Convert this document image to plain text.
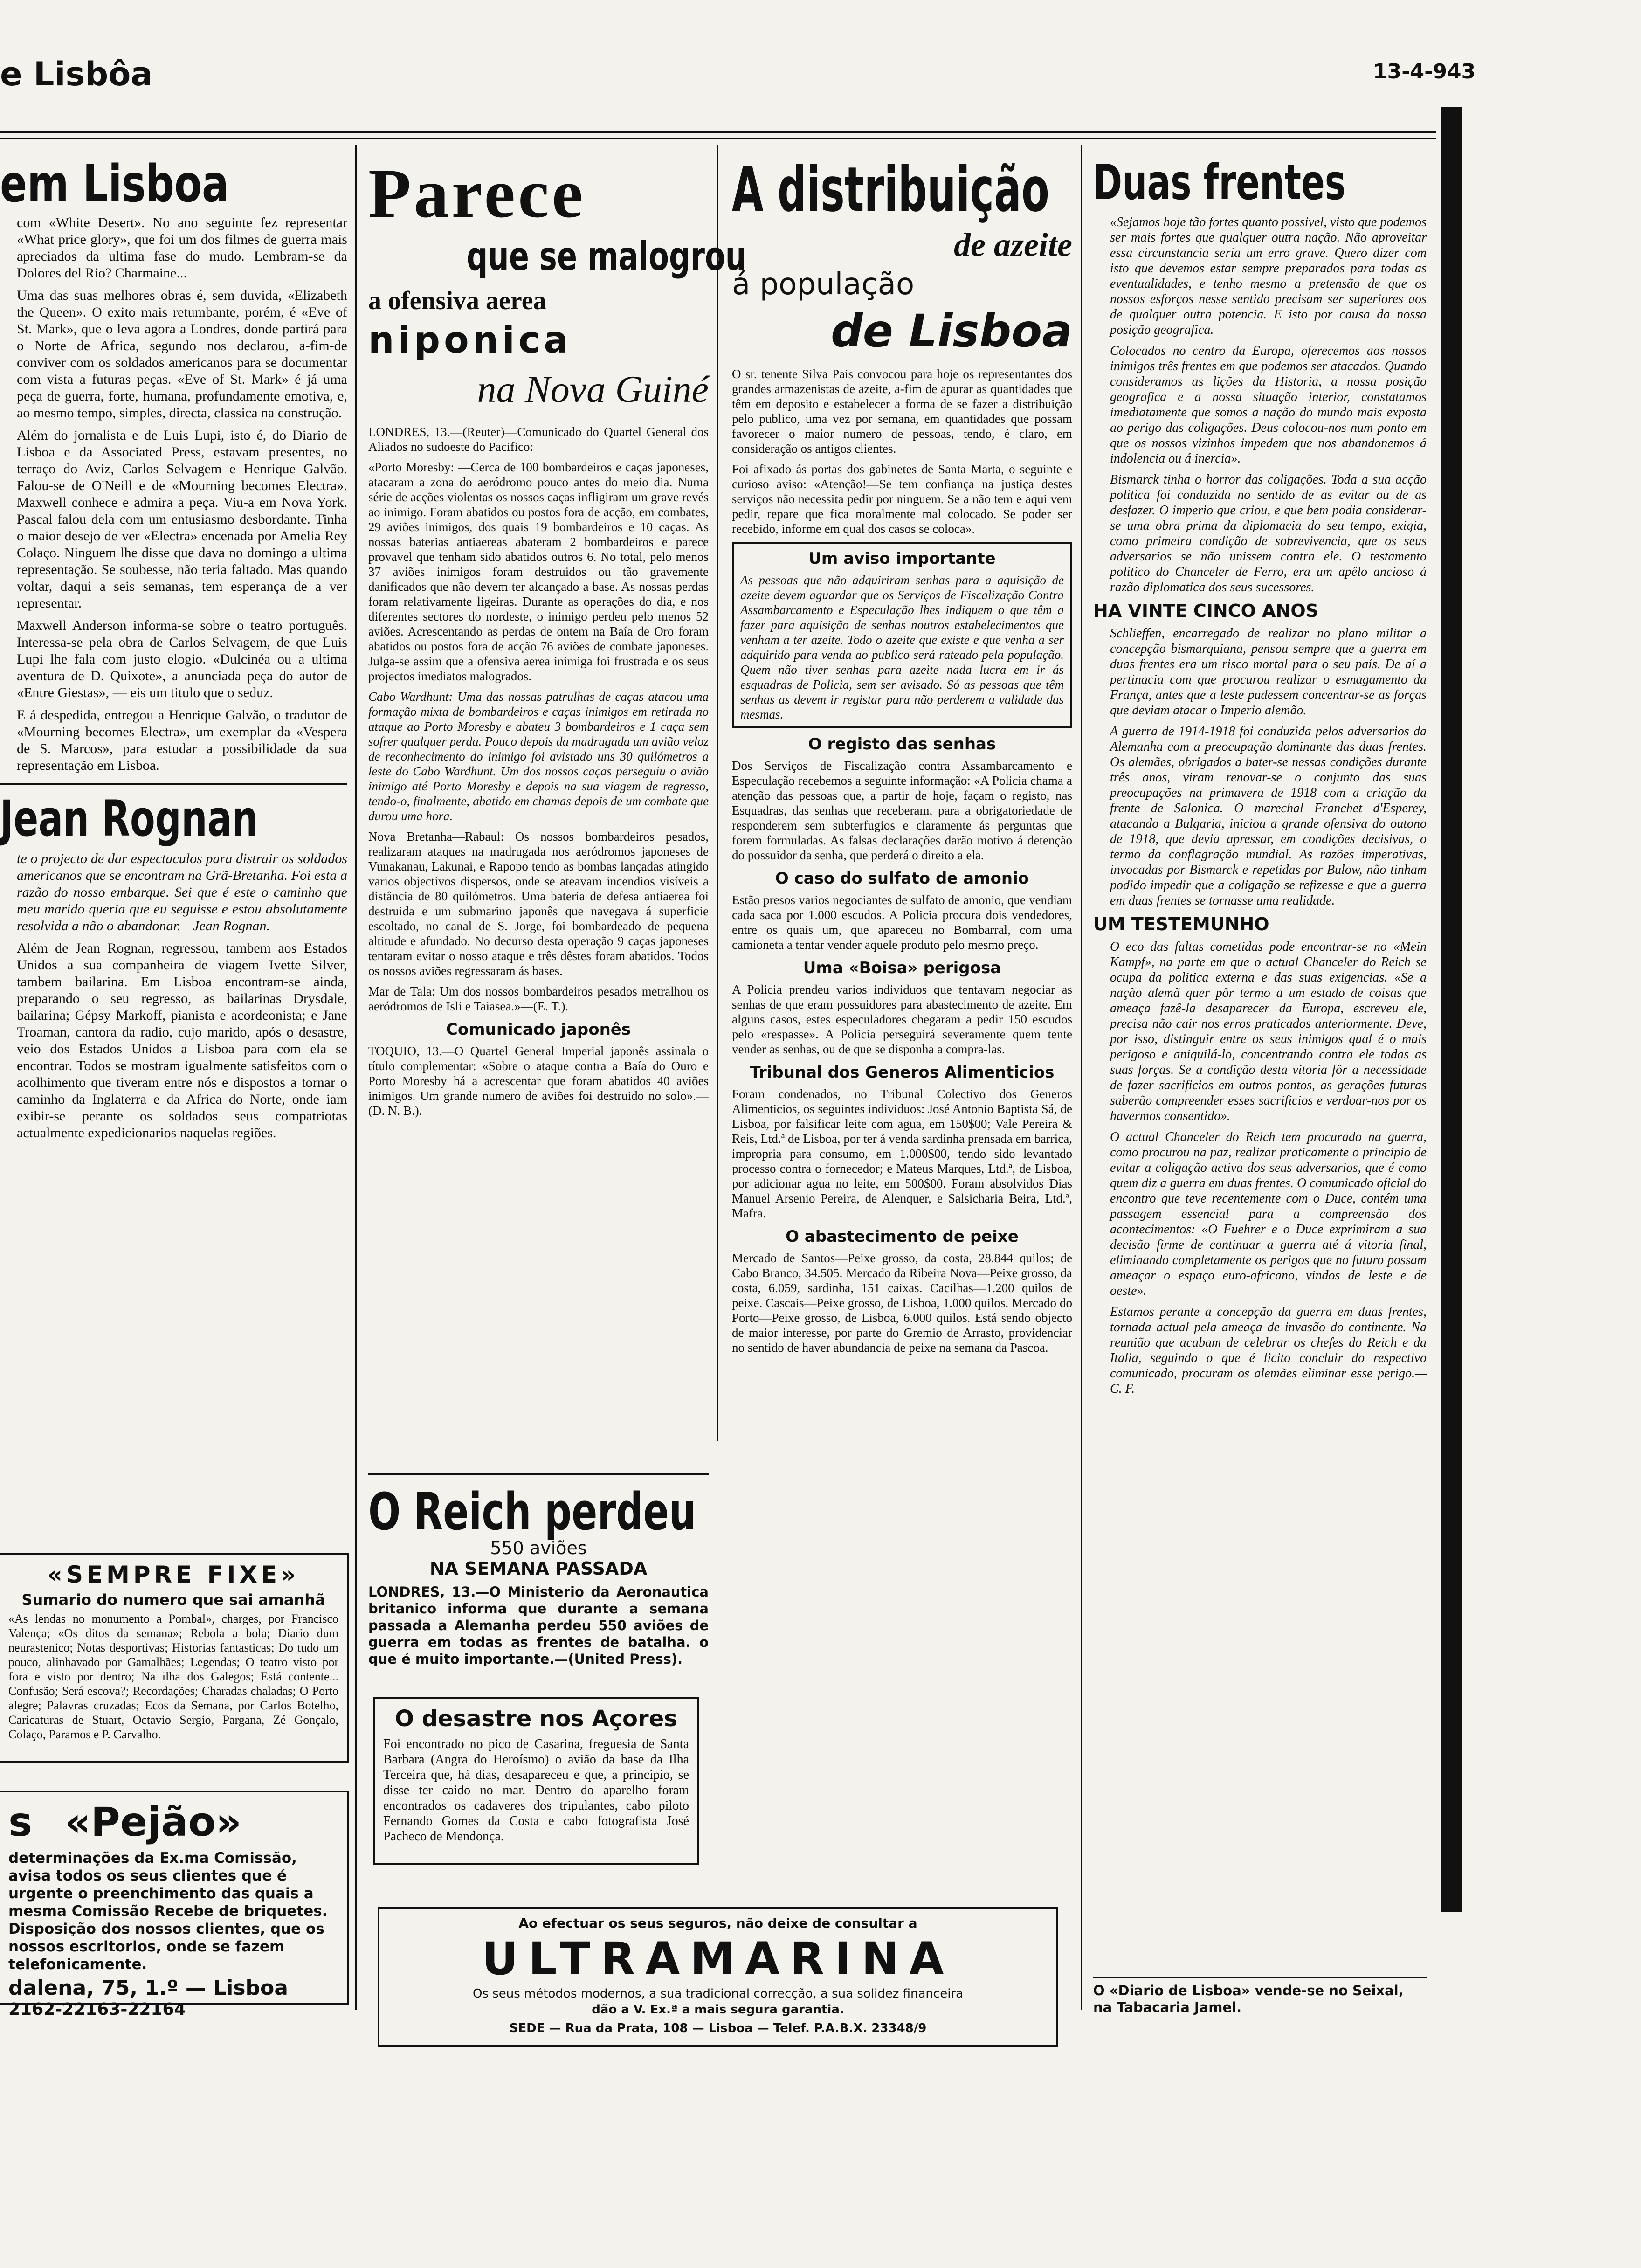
e Lisbôa	13-4-943
em Lisboa

com «White Desert». No ano seguinte fez representar «What price glory», que foi um dos filmes de guerra mais apreciados da ultima fase do mudo. Lembram-se da Dolores del Rio? Charmaine...

Uma das suas melhores obras é, sem duvida, «Elizabeth the Queen». O exito mais retumbante, porém, é «Eve of St. Mark», que o leva agora a Londres, donde partirá para o Norte de Africa, segundo nos declarou, a-fim-de conviver com os soldados americanos para se documentar com vista a futuras peças. «Eve of St. Mark» é já uma peça de guerra, forte, humana, profundamente emotiva, e, ao mesmo tempo, simples, directa, classica na construção.

Além do jornalista e de Luis Lupi, isto é, do Diario de Lisboa e da Associated Press, estavam presentes, no terraço do Aviz, Carlos Selvagem e Henrique Galvão. Falou-se de O'Neill e de «Mourning becomes Electra». Maxwell conhece e admira a peça. Viu-a em Nova York. Pascal falou dela com um entusiasmo desbordante. Tinha o maior desejo de ver «Electra» encenada por Amelia Rey Colaço. Ninguem lhe disse que dava no domingo a ultima representação. Se soubesse, não teria faltado. Mas quando voltar, daqui a seis semanas, tem esperança de a ver representar.

Maxwell Anderson informa-se sobre o teatro português. Interessa-se pela obra de Carlos Selvagem, de que Luis Lupi lhe fala com justo elogio. «Dulcinéa ou a ultima aventura de D. Quixote», a anunciada peça do autor de «Entre Giestas», — eis um titulo que o seduz.

E á despedida, entregou a Henrique Galvão, o tradutor de «Mourning becomes Electra», um exemplar da «Vespera de S. Marcos», para estudar a possibilidade da sua representação em Lisboa.

Jean Rognan

te o projecto de dar espectaculos para distrair os soldados americanos que se encontram na Grã-Bretanha. Foi esta a razão do nosso embarque. Sei que é este o caminho que meu marido queria que eu seguisse e estou absolutamente resolvida a não o abandonar.—Jean Rognan.

Além de Jean Rognan, regressou, tambem aos Estados Unidos a sua companheira de viagem Ivette Silver, tambem bailarina. Em Lisboa encontram-se ainda, preparando o seu regresso, as bailarinas Drysdale, bailarina; Gépsy Markoff, pianista e acordeonista; e Jane Troaman, cantora da radio, cujo marido, após o desastre, veio dos Estados Unidos a Lisboa para com ela se encontrar. Todos se mostram igualmente satisfeitos com o acolhimento que tiveram entre nós e dispostos a tornar o caminho da Inglaterra e da Africa do Norte, onde iam exibir-se perante os soldados seus compatriotas actualmente expedicionarios naquelas regiões.

«SEMPRE FIXE»
Sumario do numero que sai amanhã
«As lendas no monumento a Pombal», charges, por Francisco Valença; «Os ditos da semana»; Rebola a bola; Diario dum neurastenico; Notas desportivas; Historias fantasticas; Do tudo um pouco, alinhavado por Gamalhães; Legendas; O teatro visto por fora e visto por dentro; Na ilha dos Galegos; Está contente... Confusão; Será escova?; Recordações; Charadas chaladas; O Porto alegre; Palavras cruzadas; Ecos da Semana, por Carlos Botelho, Caricaturas de Stuart, Octavio Sergio, Pargana, Zé Gonçalo, Colaço, Paramos e P. Carvalho.
s «Pejão»
determinações da Ex.ma Comissão, avisa todos os seus clientes que é urgente o preenchimento das quais a mesma Comissão Recebe de briquetes. Disposição dos nossos clientes, que os nossos escritorios, onde se fazem telefonicamente.
dalena, 75, 1.º — Lisboa
2162-22163-22164
Parece
que se malogrou
a ofensiva aerea
niponica
na Nova Guiné

LONDRES, 13.—(Reuter)—Comunicado do Quartel General dos Aliados no sudoeste do Pacifico:

«Porto Moresby: —Cerca de 100 bombardeiros e caças japoneses, atacaram a zona do aeródromo pouco antes do meio dia. Numa série de acções violentas os nossos caças infligiram um grave revés ao inimigo. Foram abatidos ou postos fora de acção, em combates, 29 aviões inimigos, dos quais 19 bombardeiros e 10 caças. As nossas baterias antiaereas abateram 2 bombardeiros e parece provavel que tenham sido abatidos outros 6. No total, pelo menos 37 aviões inimigos foram destruidos ou tão gravemente danificados que não devem ter alcançado a base. As nossas perdas foram relativamente ligeiras. Durante as operações do dia, e nos diferentes sectores do nordeste, o inimigo perdeu pelo menos 52 aviões. Acrescentando as perdas de ontem na Baía de Oro foram abatidos ou postos fora de acção 76 aviões de combate japoneses. Julga-se assim que a ofensiva aerea inimiga foi frustrada e os seus projectos imediatos malogrados.

Cabo Wardhunt: Uma das nossas patrulhas de caças atacou uma formação mixta de bombardeiros e caças inimigos em retirada no ataque ao Porto Moresby e abateu 3 bombardeiros e 1 caça sem sofrer qualquer perda. Pouco depois da madrugada um avião veloz de reconhecimento do inimigo foi avistado uns 30 quilómetros a leste do Cabo Wardhunt. Um dos nossos caças perseguiu o avião inimigo até Porto Moresby e depois na sua viagem de regresso, tendo-o, finalmente, abatido em chamas depois de um combate que durou uma hora.

Nova Bretanha—Rabaul: Os nossos bombardeiros pesados, realizaram ataques na madrugada nos aeródromos japoneses de Vunakanau, Lakunai, e Rapopo tendo as bombas lançadas atingido varios objectivos dispersos, onde se ateavam incendios visíveis a distância de 80 quilómetros. Uma bateria de defesa antiaerea foi destruida e um submarino japonês que navegava á superficie escoltado, no canal de S. Jorge, foi bombardeado de pequena altitude e afundado. No decurso desta operação 9 caças japoneses tentaram evitar o nosso ataque e três dêstes foram abatidos. Todos os nossos aviões regressaram ás bases.

Mar de Tala: Um dos nossos bombardeiros pesados metralhou os aeródromos de Isli e Taiasea.»—(E. T.).

Comunicado japonês

TOQUIO, 13.—O Quartel General Imperial japonês assinala o título complementar: «Sobre o ataque contra a Baía do Ouro e Porto Moresby há a acrescentar que foram abatidos 40 aviões inimigos. Um grande numero de aviões foi destruido no solo».—(D. N. B.).

O Reich perdeu
550 aviões
NA SEMANA PASSADA

LONDRES, 13.—O Ministerio da Aeronautica britanico informa que durante a semana passada a Alemanha perdeu 550 aviões de guerra em todas as frentes de batalha. o que é muito importante.—(United Press).

O desastre nos Açores

Foi encontrado no pico de Casarina, freguesia de Santa Barbara (Angra do Heroísmo) o avião da base da Ilha Terceira que, há dias, desapareceu e que, a principio, se disse ter caido no mar. Dentro do aparelho foram encontrados os cadaveres dos tripulantes, cabo piloto Fernando Gomes da Costa e cabo fotografista José Pacheco de Mendonça.

A distribuição
de azeite
á população
de Lisboa

O sr. tenente Silva Pais convocou para hoje os representantes dos grandes armazenistas de azeite, a-fim de apurar as quantidades que têm em deposito e estabelecer a forma de se fazer a distribuição pelo publico, uma vez por semana, em quantidades que possam favorecer o maior numero de pessoas, tendo, é claro, em consideração os antigos clientes.

Foi afixado ás portas dos gabinetes de Santa Marta, o seguinte e curioso aviso: «Atenção!—Se tem confiança na justiça destes serviços não necessita pedir por ninguem. Se a não tem e aqui vem pedir, repare que fica moralmente mal colocado. Se poder ser recebido, informe em qual dos casos se coloca».

Um aviso importante

As pessoas que não adquiriram senhas para a aquisição de azeite devem aguardar que os Serviços de Fiscalização Contra Assambarcamento e Especulação lhes indiquem o que têm a fazer para aquisição de senhas noutros estabelecimentos que venham a ter azeite. Todo o azeite que existe e que venha a ser adquirido para venda ao publico será rateado pela população. Quem não tiver senhas para azeite nada lucra em ir ás esquadras de Policia, sem ser avisado. Só as pessoas que têm senhas as devem ir registar para não perderem a validade das mesmas.

O registo das senhas

Dos Serviços de Fiscalização contra Assambarcamento e Especulação recebemos a seguinte informação: «A Policia chama a atenção das pessoas que, a partir de hoje, façam o registo, nas Esquadras, das senhas que receberam, para a obrigatoriedade de responderem sem subterfugios e claramente ás perguntas que forem formuladas. As falsas declarações darão motivo á detenção do possuidor da senha, que perderá o direito a ela.

O caso do sulfato de amonio

Estão presos varios negociantes de sulfato de amonio, que vendiam cada saca por 1.000 escudos. A Policia procura dois vendedores, entre os quais um, que apareceu no Bombarral, com uma camioneta a tentar vender aquele produto pelo mesmo preço.

Uma «Boisa» perigosa

A Policia prendeu varios individuos que tentavam negociar as senhas de que eram possuidores para abastecimento de azeite. Em alguns casos, estes especuladores chegaram a pedir 150 escudos pelo «respasse». A Policia perseguirá severamente quem tente vender as senhas, ou de que se disponha a compra-las.

Tribunal dos Generos Alimenticios

Foram condenados, no Tribunal Colectivo dos Generos Alimenticios, os seguintes individuos: José Antonio Baptista Sá, de Lisboa, por falsificar leite com agua, em 150$00; Vale Pereira & Reis, Ltd.ª de Lisboa, por ter á venda sardinha prensada em barrica, impropria para consumo, em 1.000$00, tendo sido levantado processo contra o fornecedor; e Mateus Marques, Ltd.ª, de Lisboa, por adicionar agua no leite, em 500$00. Foram absolvidos Dias Manuel Arsenio Pereira, de Alenquer, e Salsicharia Beira, Ltd.ª, Mafra.

O abastecimento de peixe

Mercado de Santos—Peixe grosso, da costa, 28.844 quilos; de Cabo Branco, 34.505. Mercado da Ribeira Nova—Peixe grosso, da costa, 6.059, sardinha, 151 caixas. Cacilhas—1.200 quilos de peixe. Cascais—Peixe grosso, de Lisboa, 1.000 quilos. Mercado do Porto—Peixe grosso, de Lisboa, 6.000 quilos. Está sendo objecto de maior interesse, por parte do Gremio de Arrasto, providenciar no sentido de haver abundancia de peixe na semana da Pascoa.

Ao efectuar os seus seguros, não deixe de consultar a
ULTRAMARINA
Os seus métodos modernos, a sua tradicional correcção, a sua solidez financeira
dão a V. Ex.ª a mais segura garantia.
SEDE — Rua da Prata, 108 — Lisboa — Telef. P.A.B.X. 23348/9
Duas frentes

«Sejamos hoje tão fortes quanto possivel, visto que podemos ser mais fortes que qualquer outra nação. Não aproveitar essa circunstancia seria um erro grave. Quero dizer com isto que devemos estar sempre preparados para todas as eventualidades, e tenho mesmo a pretensão de que os nossos esforços nesse sentido precisam ser superiores aos de qualquer outra potencia. E isto por causa da nossa posição geografica.

Colocados no centro da Europa, oferecemos aos nossos inimigos três frentes em que podemos ser atacados. Quando consideramos as lições da Historia, a nossa posição geografica e a nossa situação interior, constatamos imediatamente que somos a nação do mundo mais exposta ao perigo das coligações. Deus colocou-nos num ponto em que os nossos vizinhos impedem que nos abandonemos á indolencia ou á inercia».

Bismarck tinha o horror das coligações. Toda a sua acção politica foi conduzida no sentido de as evitar ou de as desfazer. O imperio que criou, e que bem podia considerar-se uma obra prima da diplomacia do seu tempo, exigia, como primeira condição de sobrevivencia, que os seus adversarios se não unissem contra ele. O testamento politico do Chanceler de Ferro, era um apêlo ancioso á razão diplomatica dos seus sucessores.

HA VINTE CINCO ANOS

Schlieffen, encarregado de realizar no plano militar a concepção bismarquiana, pensou sempre que a guerra em duas frentes era um risco mortal para o seu país. De aí a pertinacia com que procurou realizar o esmagamento da França, antes que a leste pudessem concentrar-se as forças que deviam atacar o Imperio alemão.

A guerra de 1914-1918 foi conduzida pelos adversarios da Alemanha com a preocupação dominante das duas frentes. Os alemães, obrigados a bater-se nessas condições durante três anos, viram renovar-se o conjunto das suas preocupações na primavera de 1918 com a criação da frente de Salonica. O marechal Franchet d'Esperey, atacando a Bulgaria, iniciou a grande ofensiva do outono de 1918, que devia apressar, em condições decisivas, o termo da conflagração mundial. As razões imperativas, invocadas por Bismarck e repetidas por Bulow, não tinham podido impedir que a coligação se refizesse e que a guerra em duas frentes se tornasse uma realidade.

UM TESTEMUNHO

O eco das faltas cometidas pode encontrar-se no «Mein Kampf», na parte em que o actual Chanceler do Reich se ocupa da politica externa e das suas exigencias. «Se a nação alemã quer pôr termo a um estado de coisas que ameaça fazê-la desaparecer da Europa, escreveu ele, precisa não cair nos erros praticados anteriormente. Deve, por isso, distinguir entre os seus inimigos qual é o mais perigoso e aniquilá-lo, concentrando contra ele todas as suas forças. Se a condição desta vitoria fôr a necessidade de fazer sacrificios em outros pontos, as gerações futuras saberão compreender esses sacrificios e verdoar-nos por os havermos consentido».

O actual Chanceler do Reich tem procurado na guerra, como procurou na paz, realizar praticamente o principio de evitar a coligação activa dos seus adversarios, que é como quem diz a guerra em duas frentes. O comunicado oficial do encontro que teve recentemente com o Duce, contém uma passagem essencial para a compreensão dos acontecimentos: «O Fuehrer e o Duce exprimiram a sua decisão firme de continuar a guerra até á vitoria final, eliminando completamente os perigos que no futuro possam ameaçar o espaço euro-africano, vindos de leste e de oeste».

Estamos perante a concepção da guerra em duas frentes, tornada actual pela ameaça de invasão do continente. Na reunião que acabam de celebrar os chefes do Reich e da Italia, seguindo o que é licito concluir do respectivo comunicado, procuram os alemães eliminar esse perigo.—C. F.

O «Diario de Lisboa» vende-se no Seixal, na Tabacaria Jamel.
